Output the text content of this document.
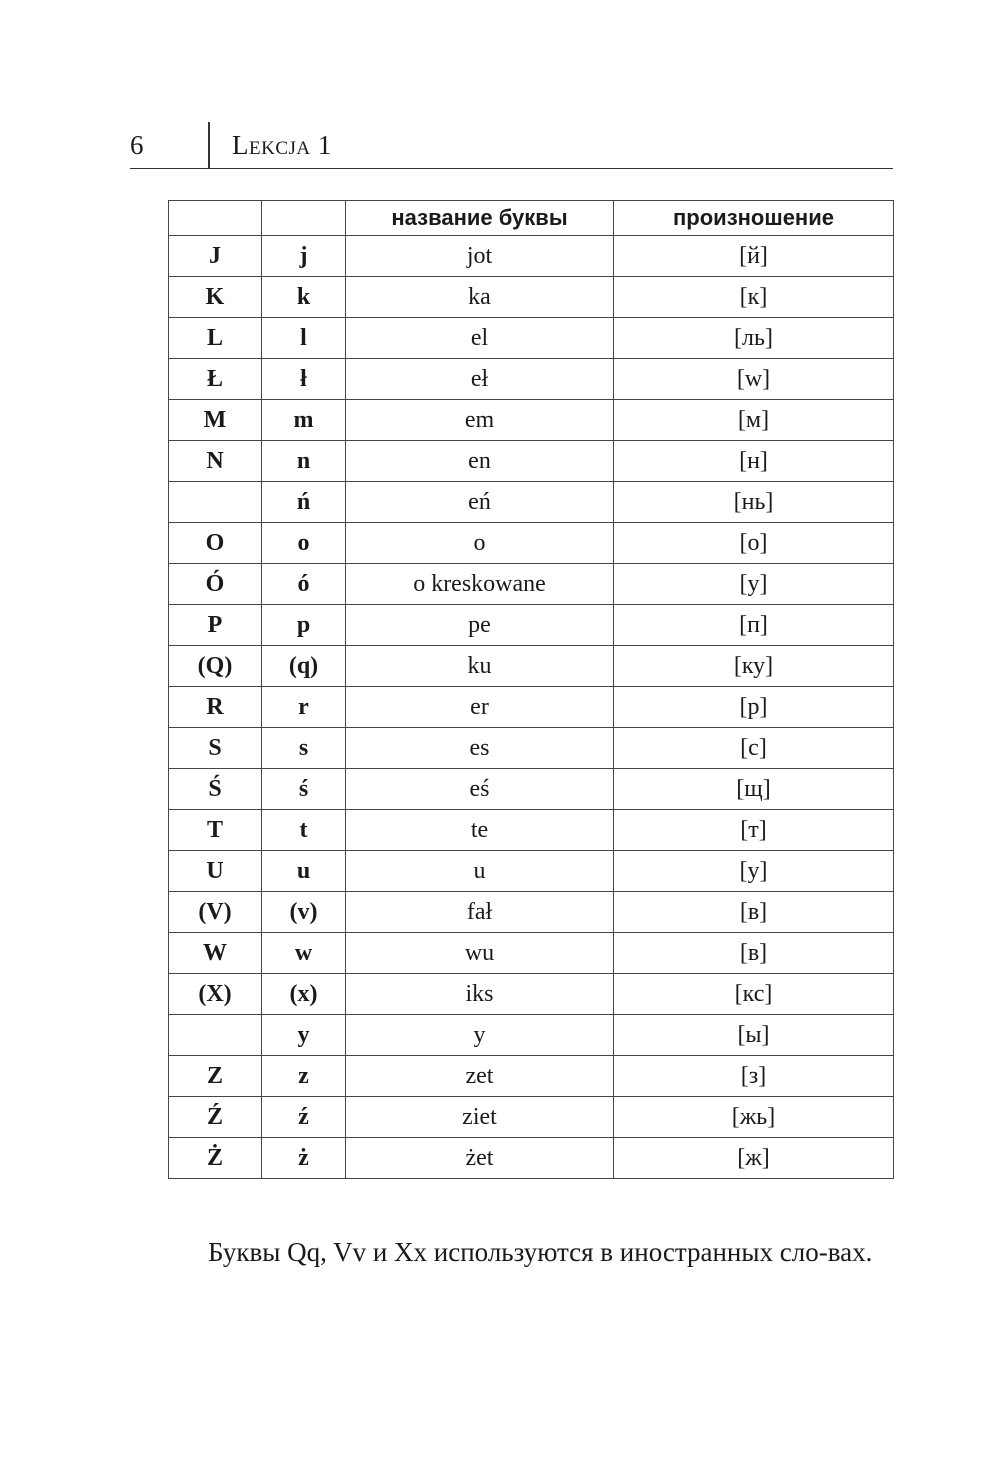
6	Lekcja 1
		название буквы	произношение
J	j	jot	[й]
K	k	ka	[к]
L	l	el	[ль]
Ł	ł	eł	[w]
M	m	em	[м]
N	n	en	[н]
	ń	eń	[нь]
O	o	o	[о]
Ó	ó	o kreskowane	[у]
P	p	pe	[п]
(Q)	(q)	ku	[ку]
R	r	er	[р]
S	s	es	[с]
Ś	ś	eś	[щ]
T	t	te	[т]
U	u	u	[у]
(V)	(v)	fał	[в]
W	w	wu	[в]
(X)	(x)	iks	[кс]
	y	y	[ы]
Z	z	zet	[з]
Ź	ź	ziet	[жь]
Ż	ż	żet	[ж]

Буквы Qq, Vv и Xx используются в иностранных сло-вах.
